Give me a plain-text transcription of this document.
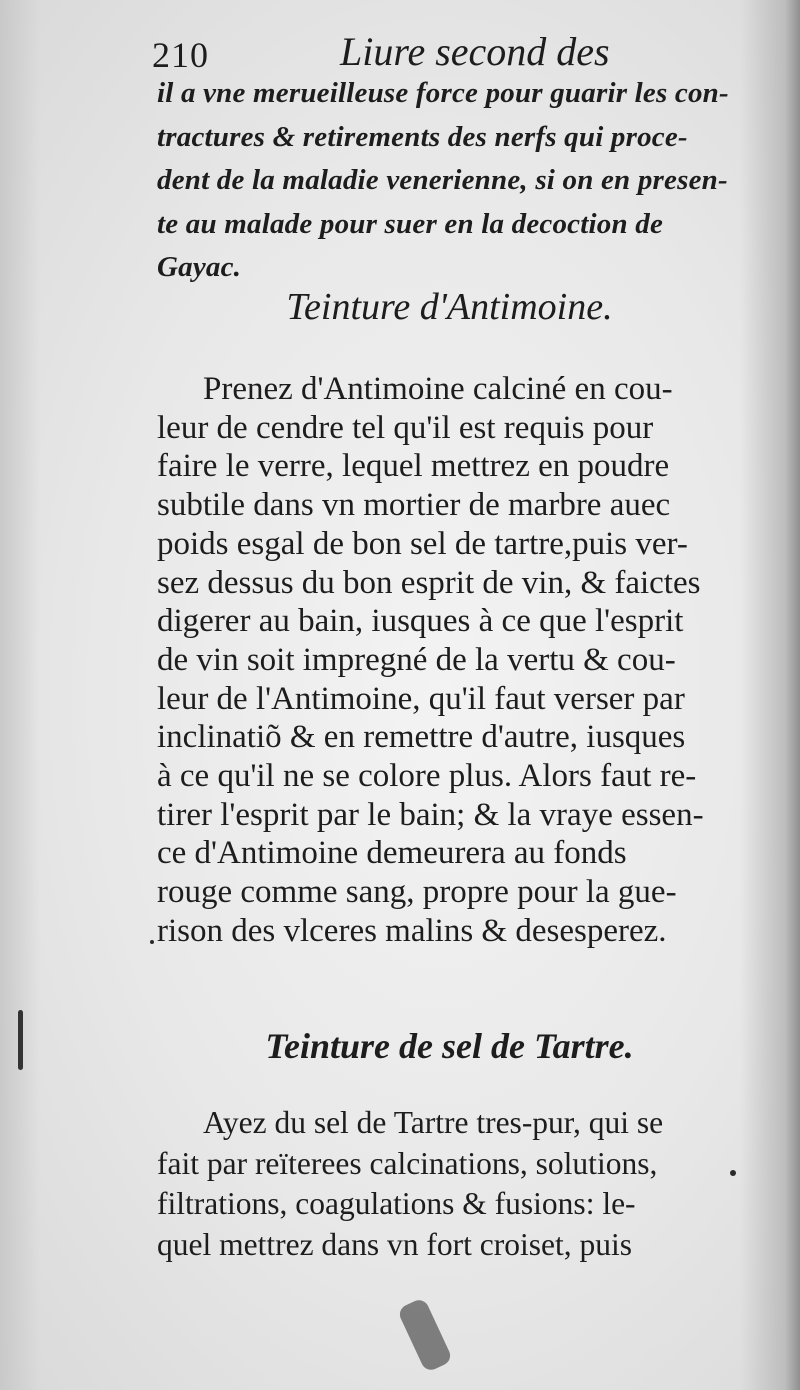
210	Liure second des
il a vne merueilleuse force pour guarir les con-
tractures & retirements des nerfs qui proce-
dent de la maladie venerienne, si on en presen-
te au malade pour suer en la decoction de
Gayac.
Teinture d'Antimoine.
Prenez d'Antimoine calciné en cou-
leur de cendre tel qu'il est requis pour
faire le verre, lequel mettrez en poudre
subtile dans vn mortier de marbre auec
poids esgal de bon sel de tartre,puis ver-
sez dessus du bon esprit de vin, & faictes
digerer au bain, iusques à ce que l'esprit
de vin soit impregné de la vertu & cou-
leur de l'Antimoine, qu'il faut verser par
inclinatiõ & en remettre d'autre, iusques
à ce qu'il ne se colore plus. Alors faut re-
tirer l'esprit par le bain; & la vraye essen-
ce d'Antimoine demeurera au fonds
rouge comme sang, propre pour la gue-
rison des vlceres malins & desesperez.
Teinture de sel de Tartre.
Ayez du sel de Tartre tres-pur, qui se
fait par reïterees calcinations, solutions,
filtrations, coagulations & fusions: le-
quel mettrez dans vn fort croiset, puis
